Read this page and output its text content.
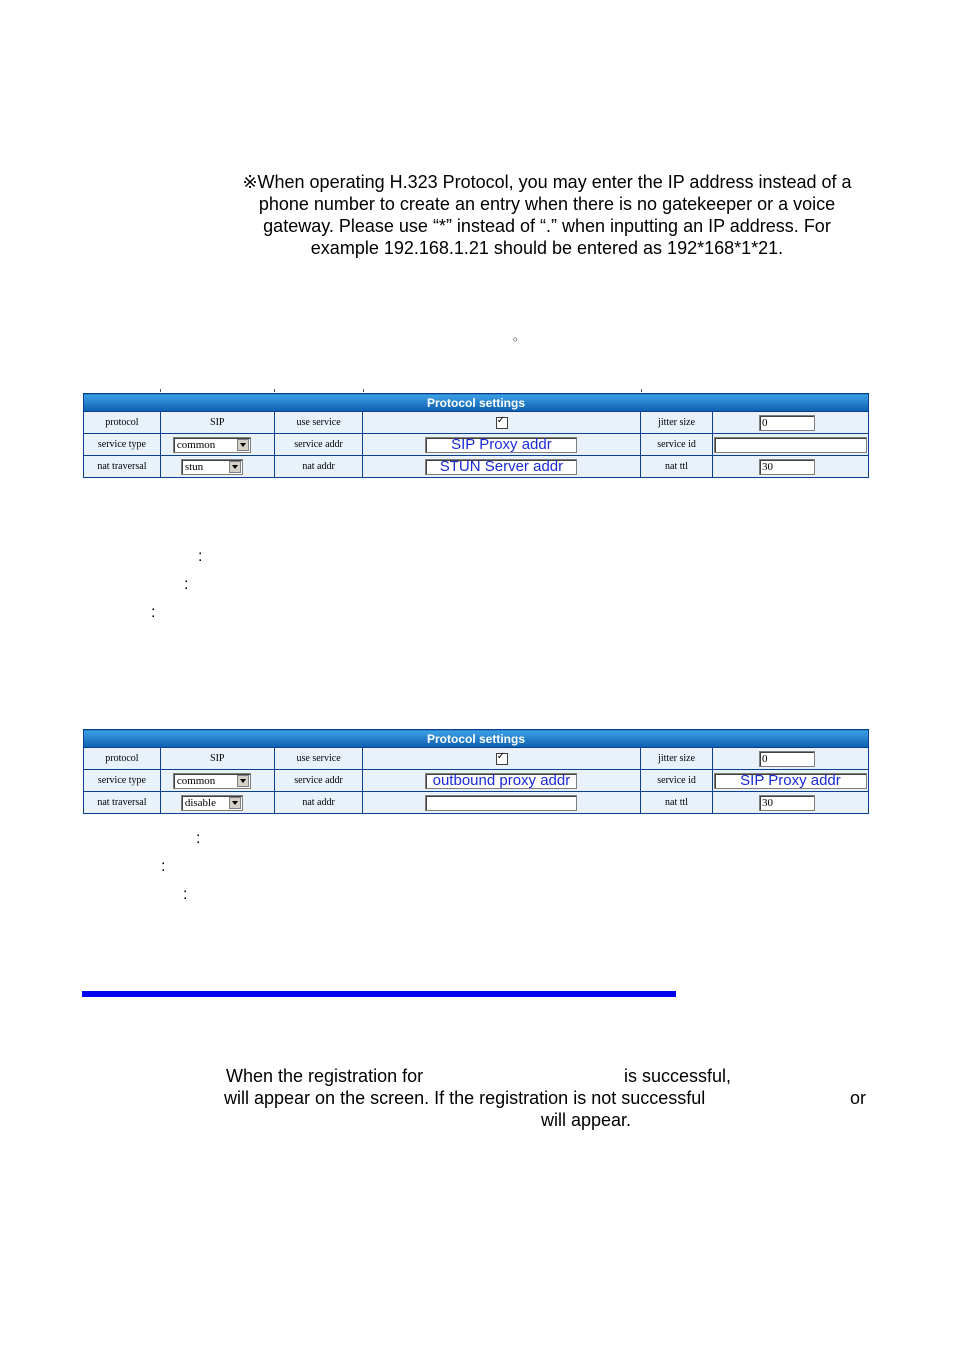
※When operating H.323 Protocol, you may enter the IP address instead of a
phone number to create an entry when there is no gatekeeper or a voice
gateway. Please use “*” instead of “.” when inputting an IP address. For
example 192.168.1.21 should be entered as 192*168*1*21.
。
Protocol settings					
protocol	SIP	use service	✓	jitter size	0
service type	common	service addr	SIP Proxy addr	service id	
nat traversal	stun	nat addr	STUN Server addr	nat ttl	30
:
:
:
Protocol settings					
protocol	SIP	use service	✓	jitter size	0
service type	common	service addr	outbound proxy addr	service id	SIP Proxy addr
nat traversal	disable	nat addr		nat ttl	30
:
:
:
When the registration for	is successful,
will appear on the screen. If the registration is not successful	or
will appear.
